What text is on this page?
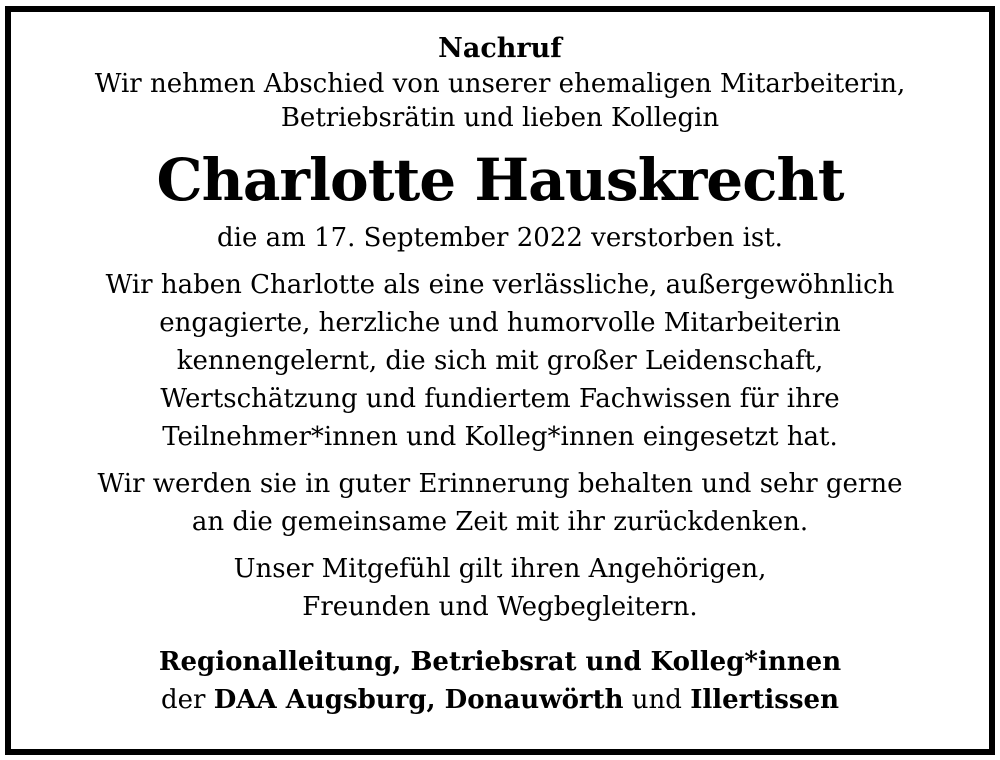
Nachruf
Wir nehmen Abschied von unserer ehemaligen Mitarbeiterin,
Betriebsrätin und lieben Kollegin
Charlotte Hauskrecht
die am 17. September 2022 verstorben ist.
Wir haben Charlotte als eine verlässliche, außergewöhnlich
engagierte, herzliche und humorvolle Mitarbeiterin
kennengelernt, die sich mit großer Leidenschaft,
Wertschätzung und fundiertem Fachwissen für ihre
Teilnehmer*innen und Kolleg*innen eingesetzt hat.
Wir werden sie in guter Erinnerung behalten und sehr gerne
an die gemeinsame Zeit mit ihr zurückdenken.
Unser Mitgefühl gilt ihren Angehörigen,
Freunden und Wegbegleitern.
Regionalleitung, Betriebsrat und Kolleg*innen
der DAA Augsburg, Donauwörth und Illertissen
